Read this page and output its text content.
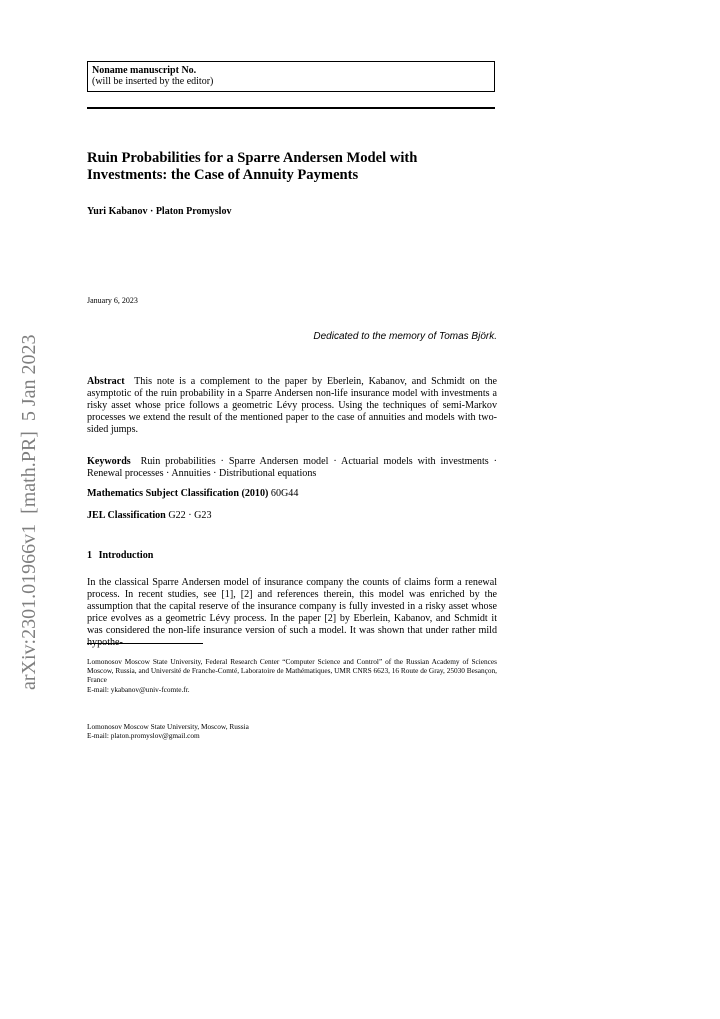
Noname manuscript No.
(will be inserted by the editor)
Ruin Probabilities for a Sparre Andersen Model with
Investments: the Case of Annuity Payments
Yuri Kabanov · Platon Promyslov
January 6, 2023
Dedicated to the memory of Tomas Björk.
Abstract This note is a complement to the paper by Eberlein, Kabanov, and Schmidt on the asymptotic of the ruin probability in a Sparre Andersen non-life insurance model with investments a risky asset whose price follows a geometric Lévy process. Using the techniques of semi-Markov processes we extend the result of the mentioned paper to the case of annuities and models with two-sided jumps.
Keywords Ruin probabilities · Sparre Andersen model · Actuarial models with investments · Renewal processes · Annuities · Distributional equations
Mathematics Subject Classification (2010) 60G44
JEL Classification G22 · G23
1 Introduction
In the classical Sparre Andersen model of insurance company the counts of claims form a renewal process. In recent studies, see [1], [2] and references therein, this model was enriched by the assumption that the capital reserve of the insurance company is fully invested in a risky asset whose price evolves as a geometric Lévy process. In the paper [2] by Eberlein, Kabanov, and Schmidt it was considered the non-life insurance version of such a model. It was shown that under rather mild hypothe-
Lomonosov Moscow State University, Federal Research Center “Computer Science and Control” of the Russian Academy of Sciences Moscow, Russia, and Université de Franche-Comté, Laboratoire de Mathématiques, UMR CNRS 6623, 16 Route de Gray, 25030 Besançon, France
E-mail: ykabanov@univ-fcomte.fr.
Lomonosov Moscow State University, Moscow, Russia
E-mail: platon.promyslov@gmail.com
arXiv:2301.01966v1  [math.PR]  5 Jan 2023
